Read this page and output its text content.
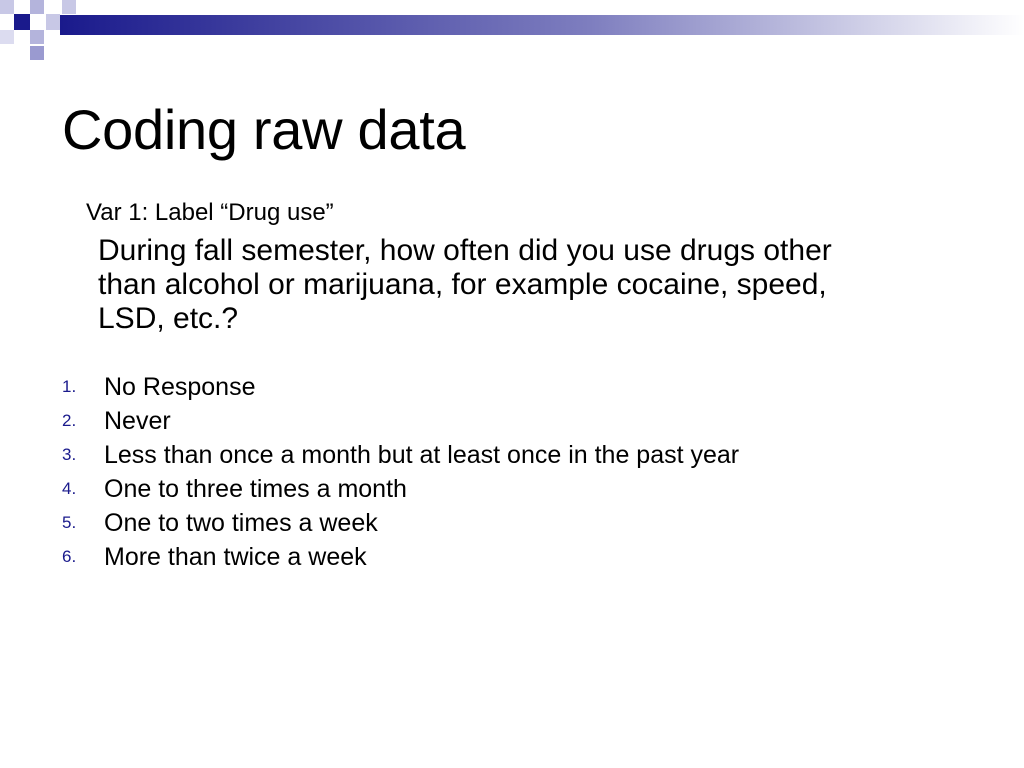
Coding raw data
Var 1: Label “Drug use”
During fall semester, how often did you use drugs other
than alcohol or marijuana, for example cocaine, speed,
LSD, etc.?
1.	No Response
2.	Never
3.	Less than once a month but at least once in the past year
4.	One to three times a month
5.	One to two times a week
6.	More than twice a week
